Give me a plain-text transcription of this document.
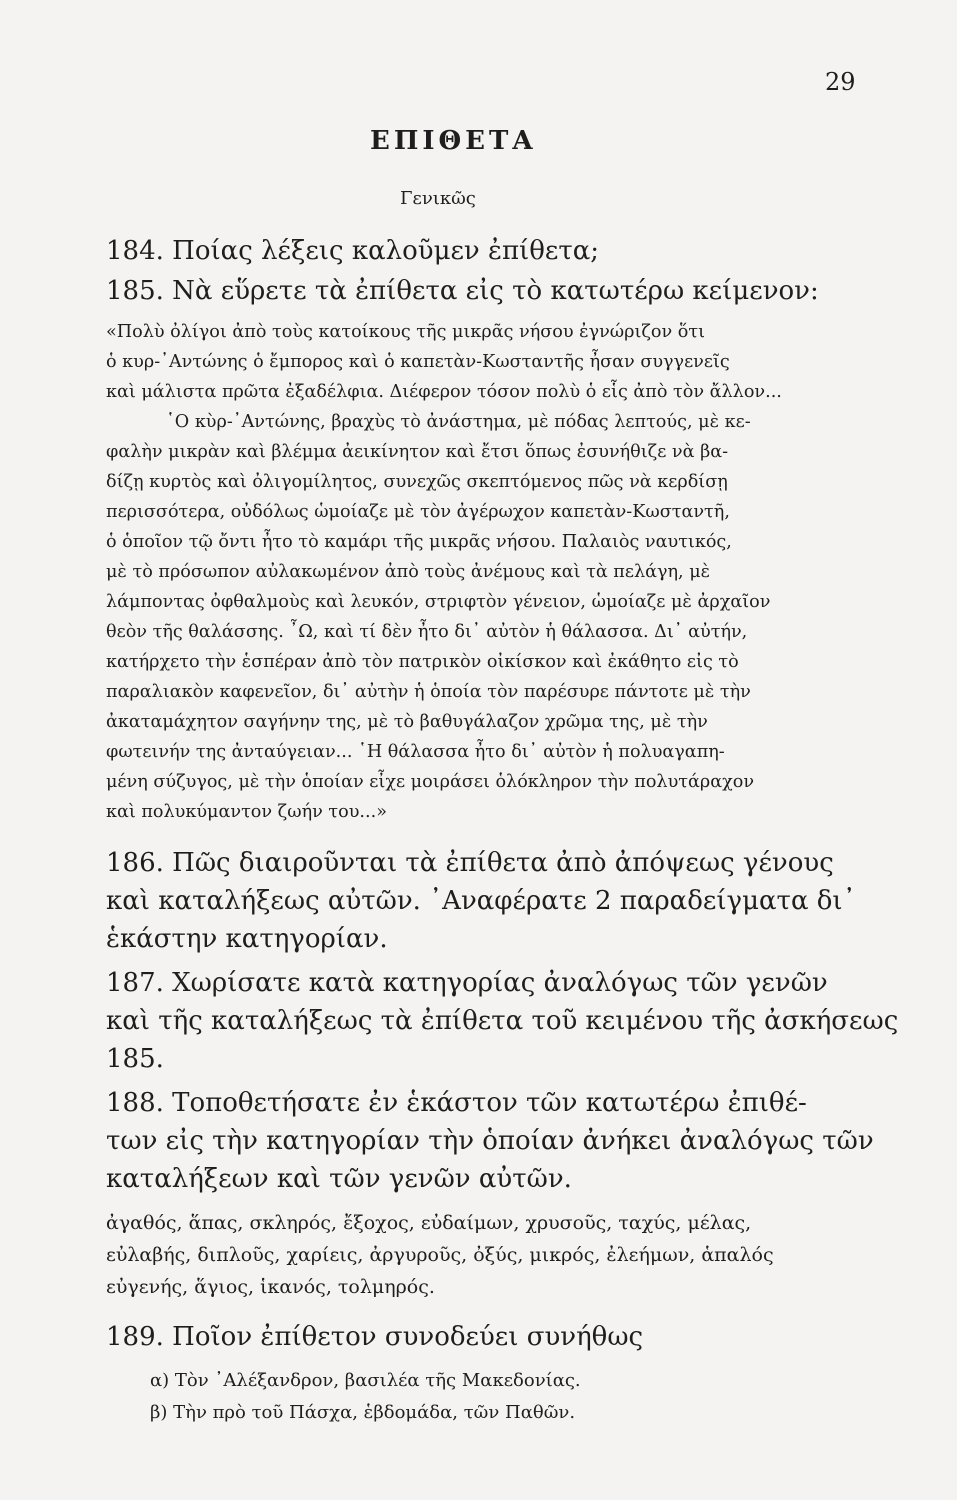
29
ΕΠΙΘΕΤΑ
Γενικῶς
184. Ποίας λέξεις καλοῦμεν ἐπίθετα;
185. Νὰ εὕρετε τὰ ἐπίθετα εἰς τὸ κατωτέρω κείμενον:
«Πολὺ ὀλίγοι ἀπὸ τοὺς κατοίκους τῆς μικρᾶς νήσου ἐγνώριζον ὅτι
ὁ κυρ-᾿Αντώνης ὁ ἔμπορος καὶ ὁ καπετὰν-Κωσταντῆς ἦσαν συγγενεῖς
καὶ μάλιστα πρῶτα ἐξαδέλφια. Διέφερον τόσον πολὺ ὁ εἷς ἀπὸ τὸν ἄλλον...
῾Ο κὺρ-᾿Αντώνης, βραχὺς τὸ ἀνάστημα, μὲ πόδας λεπτούς, μὲ κε-
φαλὴν μικρὰν καὶ βλέμμα ἀεικίνητον καὶ ἔτσι ὅπως ἐσυνήθιζε νὰ βα-
δίζῃ κυρτὸς καὶ ὀλιγομίλητος, συνεχῶς σκεπτόμενος πῶς νὰ κερδίσῃ
περισσότερα, οὐδόλως ὡμοίαζε μὲ τὸν ἀγέρωχον καπετὰν-Κωσταντῆ,
ὁ ὁποῖον τῷ ὄντι ἦτο τὸ καμάρι τῆς μικρᾶς νήσου. Παλαιὸς ναυτικός,
μὲ τὸ πρόσωπον αὐλακωμένον ἀπὸ τοὺς ἀνέμους καὶ τὰ πελάγη, μὲ
λάμποντας ὀφθαλμοὺς καὶ λευκόν, στριφτὸν γένειον, ὡμοίαζε μὲ ἀρχαῖον
θεὸν τῆς θαλάσσης. ῏Ω, καὶ τί δὲν ἦτο δι᾿ αὐτὸν ἡ θάλασσα. Δι᾿ αὐτήν,
κατήρχετο τὴν ἑσπέραν ἀπὸ τὸν πατρικὸν οἰκίσκον καὶ ἐκάθητο εἰς τὸ
παραλιακὸν καφενεῖον, δι᾿ αὐτὴν ἡ ὁποία τὸν παρέσυρε πάντοτε μὲ τὴν
ἀκαταμάχητον σαγήνην της, μὲ τὸ βαθυγάλαζον χρῶμα της, μὲ τὴν
φωτεινήν της ἀνταύγειαν... ῾Η θάλασσα ἦτο δι᾿ αὐτὸν ἡ πολυαγαπη-
μένη σύζυγος, μὲ τὴν ὁποίαν εἶχε μοιράσει ὁλόκληρον τὴν πολυτάραχον
καὶ πολυκύμαντον ζωήν του...»
186. Πῶς διαιροῦνται τὰ ἐπίθετα ἀπὸ ἀπόψεως γένους
καὶ καταλήξεως αὐτῶν. ᾿Αναφέρατε 2 παραδείγματα δι᾿
ἑκάστην κατηγορίαν.
187. Χωρίσατε κατὰ κατηγορίας ἀναλόγως τῶν γενῶν
καὶ τῆς καταλήξεως τὰ ἐπίθετα τοῦ κειμένου τῆς ἀσκήσεως
185.
188. Τοποθετήσατε ἐν ἑκάστον τῶν κατωτέρω ἐπιθέ-
των εἰς τὴν κατηγορίαν τὴν ὁποίαν ἀνήκει ἀναλόγως τῶν
καταλήξεων καὶ τῶν γενῶν αὐτῶν.
ἀγαθός, ἅπας, σκληρός, ἔξοχος, εὐδαίμων, χρυσοῦς, ταχύς, μέλας,
εὐλαβής, διπλοῦς, χαρίεις, ἀργυροῦς, ὀξύς, μικρός, ἐλεήμων, ἁπαλός
εὐγενής, ἅγιος, ἱκανός, τολμηρός.
189. Ποῖον ἐπίθετον συνοδεύει συνήθως
α) Τὸν ᾿Αλέξανδρον, βασιλέα τῆς Μακεδονίας.
β) Τὴν πρὸ τοῦ Πάσχα, ἑβδομάδα, τῶν Παθῶν.
